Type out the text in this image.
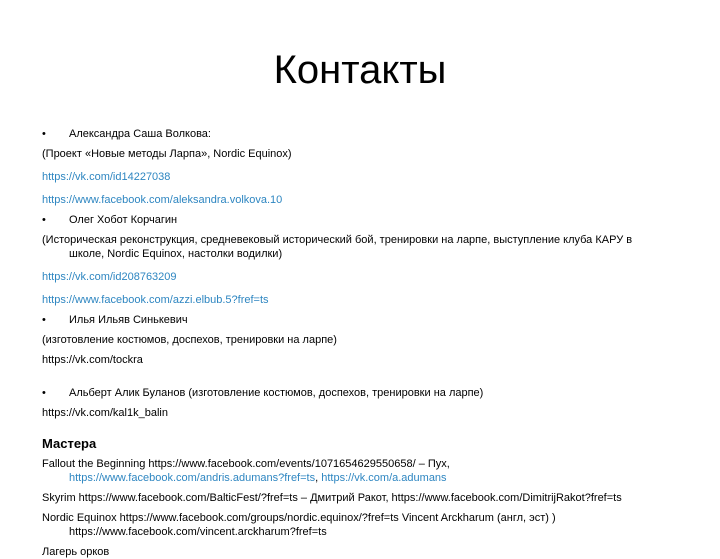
Контакты
• Александра Саша Волкова:
(Проект «Новые методы Ларпа», Nordic Equinox)
https://vk.com/id14227038
https://www.facebook.com/aleksandra.volkova.10
• Олег Хобот Корчагин
(Историческая реконструкция, средневековый исторический бой, тренировки на ларпе, выступление клуба КАРУ в школе, Nordic Equinox, настолки водилки)
https://vk.com/id208763209
https://www.facebook.com/azzi.elbub.5?fref=ts
• Илья Ильяв Синькевич
(изготовление костюмов, доспехов, тренировки на ларпе)
https://vk.com/tockra
• Альберт Алик Буланов (изготовление костюмов, доспехов, тренировки на ларпе)
https://vk.com/kal1k_balin
Мастера
Fallout the Beginning https://www.facebook.com/events/1071654629550658/ – Пух, https://www.facebook.com/andris.adumans?fref=ts, https://vk.com/a.adumans
Skyrim https://www.facebook.com/BalticFest/?fref=ts – Дмитрий Ракот, https://www.facebook.com/DimitrijRakot?fref=ts
Nordic Equinox https://www.facebook.com/groups/nordic.equinox/?fref=ts Vincent Arckharum (англ, эст) ) https://www.facebook.com/vincent.arckharum?fref=ts
Лагерь орков
